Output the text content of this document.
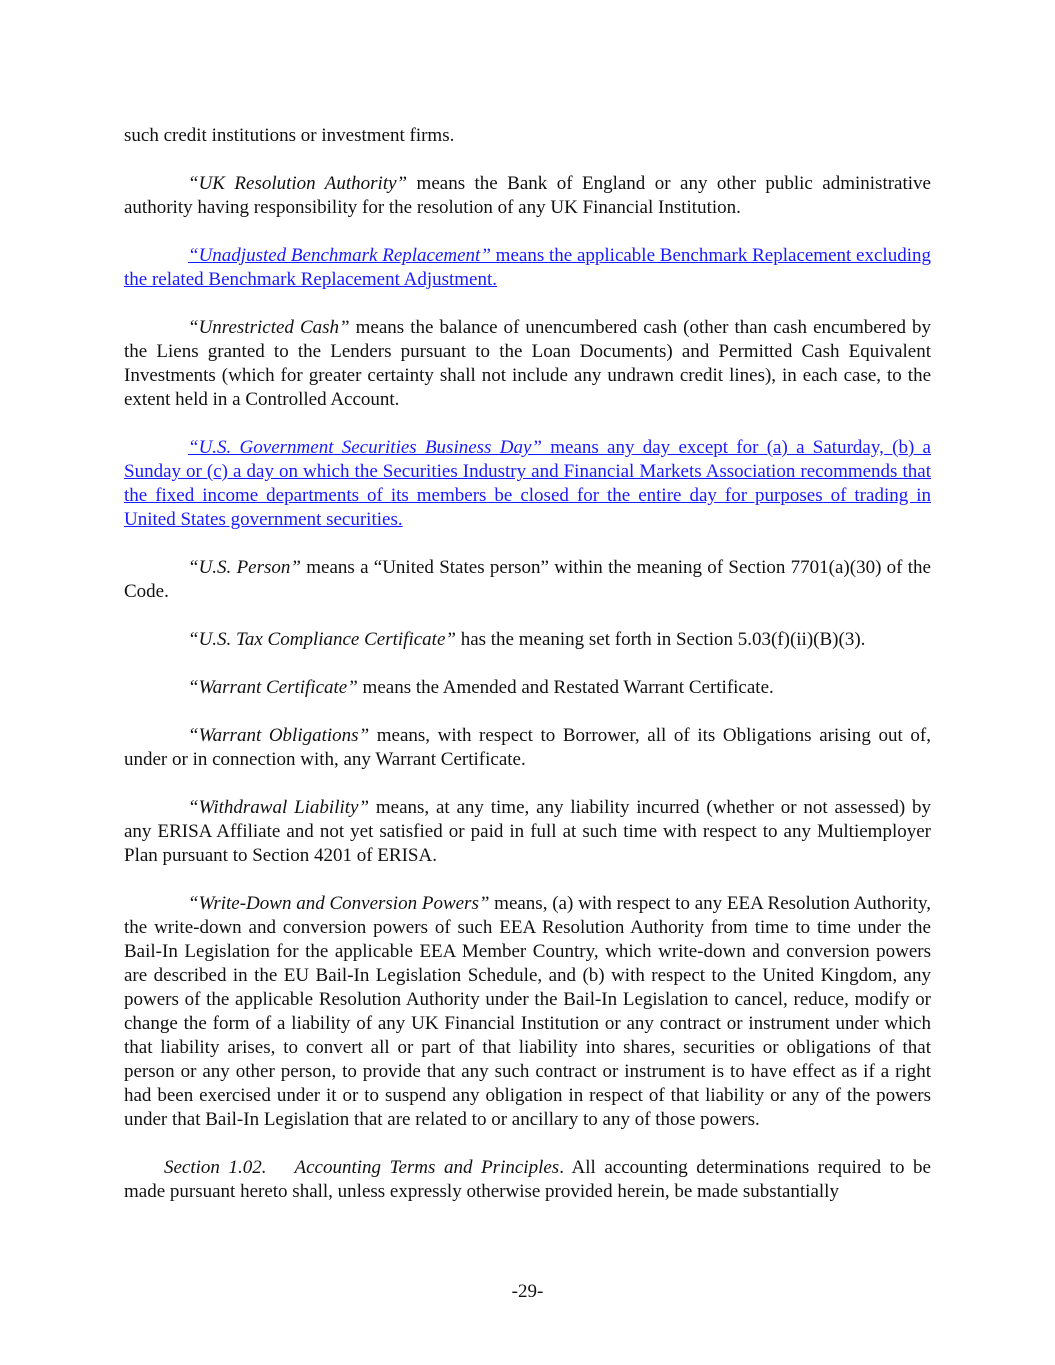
such credit institutions or investment firms.

“UK Resolution Authority” means the Bank of England or any other public administrative authority having responsibility for the resolution of any UK Financial Institution.

“Unadjusted Benchmark Replacement” means the applicable Benchmark Replacement excluding the related Benchmark Replacement Adjustment.

“Unrestricted Cash” means the balance of unencumbered cash (other than cash encumbered by the Liens granted to the Lenders pursuant to the Loan Documents) and Permitted Cash Equivalent Investments (which for greater certainty shall not include any undrawn credit lines), in each case, to the extent held in a Controlled Account.

“U.S. Government Securities Business Day” means any day except for (a) a Saturday, (b) a Sunday or (c) a day on which the Securities Industry and Financial Markets Association recommends that the fixed income departments of its members be closed for the entire day for purposes of trading in United States government securities.

“U.S. Person” means a “United States person” within the meaning of Section 7701(a)(30) of the Code.

“U.S. Tax Compliance Certificate” has the meaning set forth in Section 5.03(f)(ii)(B)(3).

“Warrant Certificate” means the Amended and Restated Warrant Certificate.

“Warrant Obligations” means, with respect to Borrower, all of its Obligations arising out of, under or in connection with, any Warrant Certificate.

“Withdrawal Liability” means, at any time, any liability incurred (whether or not assessed) by any ERISA Affiliate and not yet satisfied or paid in full at such time with respect to any Multiemployer Plan pursuant to Section 4201 of ERISA.

“Write-Down and Conversion Powers” means, (a) with respect to any EEA Resolution Authority, the write-down and conversion powers of such EEA Resolution Authority from time to time under the Bail-In Legislation for the applicable EEA Member Country, which write-down and conversion powers are described in the EU Bail-In Legislation Schedule, and (b) with respect to the United Kingdom, any powers of the applicable Resolution Authority under the Bail-In Legislation to cancel, reduce, modify or change the form of a liability of any UK Financial Institution or any contract or instrument under which that liability arises, to convert all or part of that liability into shares, securities or obligations of that person or any other person, to provide that any such contract or instrument is to have effect as if a right had been exercised under it or to suspend any obligation in respect of that liability or any of the powers under that Bail-In Legislation that are related to or ancillary to any of those powers.

Section 1.02. Accounting Terms and Principles. All accounting determinations required to be made pursuant hereto shall, unless expressly otherwise provided herein, be made substantially

-29-
